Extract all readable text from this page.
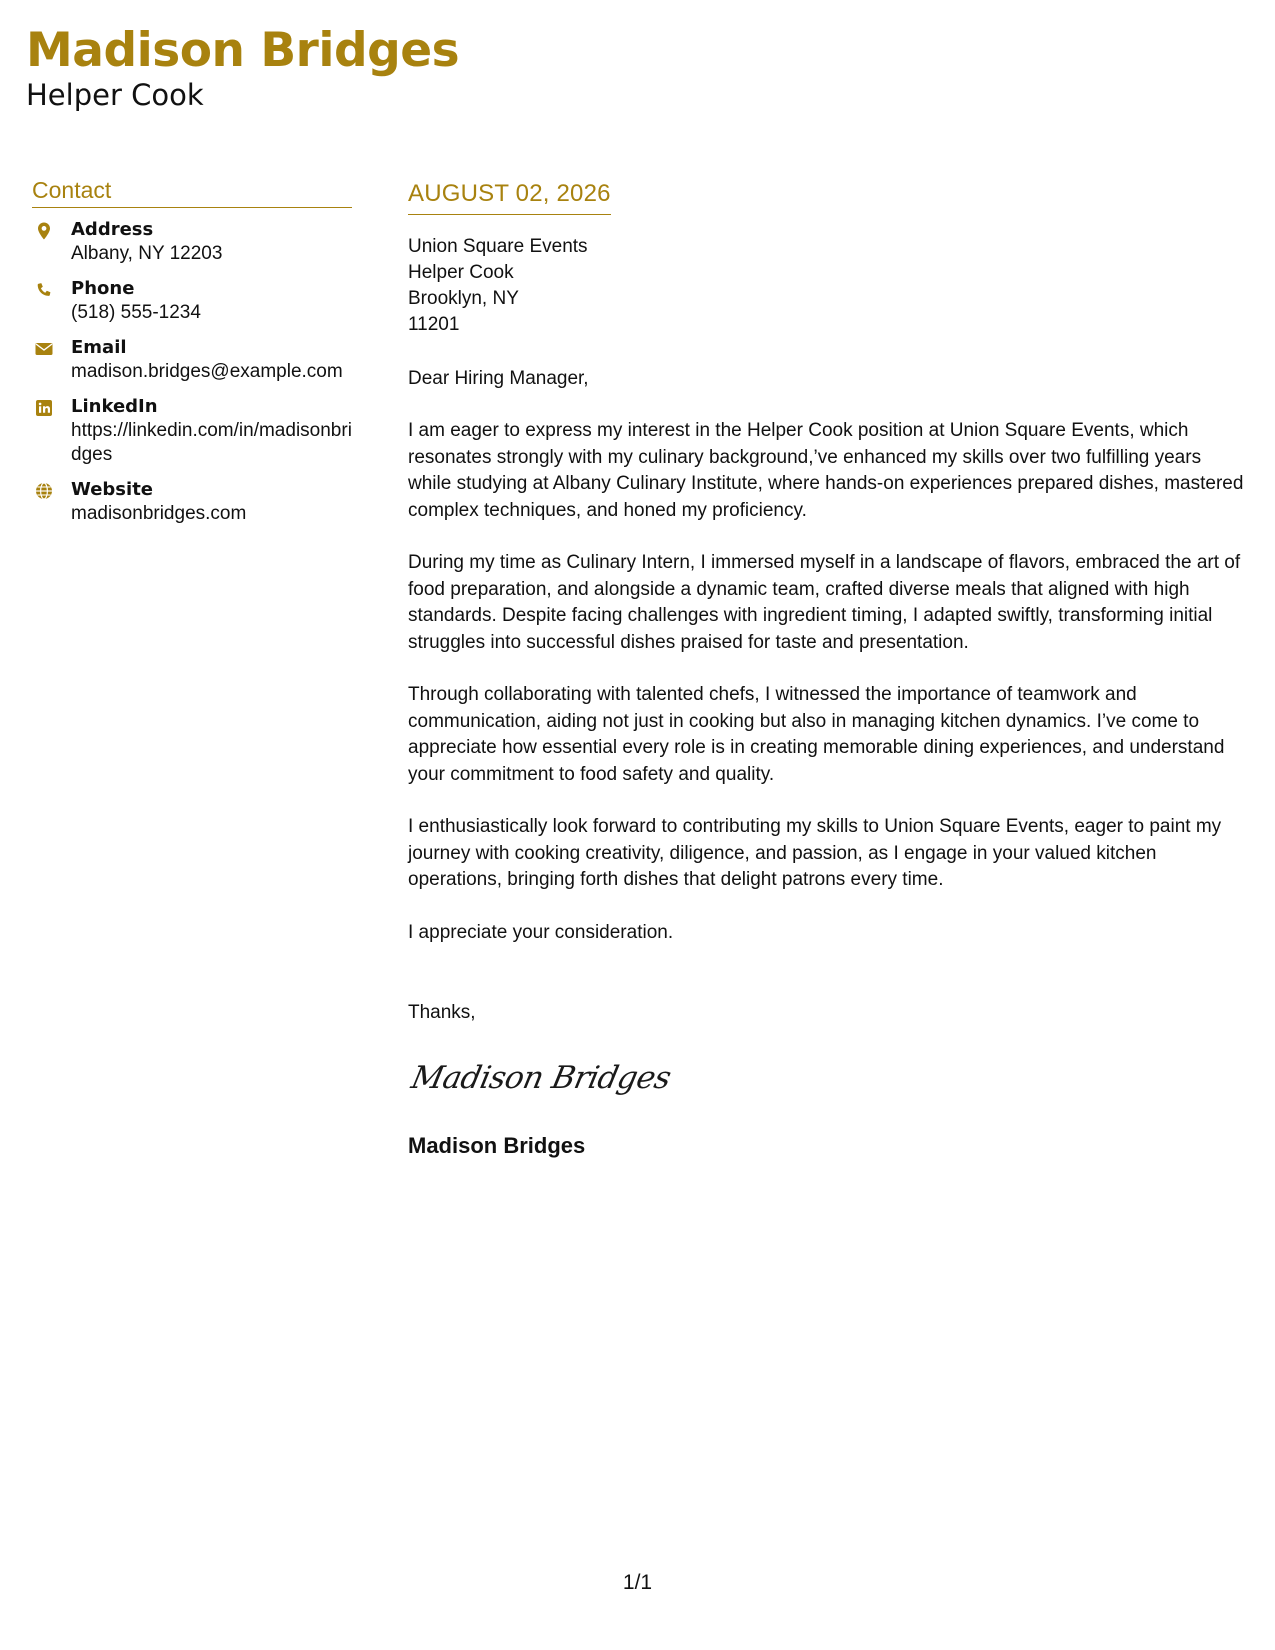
Madison Bridges
Helper Cook
Contact
Address
Albany, NY 12203
Phone
(518) 555-1234
Email
madison.bridges@example.com
LinkedIn
https://linkedin.com/in/madisonbridges
Website
madisonbridges.com
AUGUST 02, 2026
Union Square Events
Helper Cook
Brooklyn, NY
11201
Dear Hiring Manager,

I am eager to express my interest in the Helper Cook position at Union Square Events, which resonates strongly with my culinary background,’ve enhanced my skills over two fulfilling years while studying at Albany Culinary Institute, where hands-on experiences prepared dishes, mastered complex techniques, and honed my proficiency.

During my time as Culinary Intern, I immersed myself in a landscape of flavors, embraced the art of food preparation, and alongside a dynamic team, crafted diverse meals that aligned with high standards. Despite facing challenges with ingredient timing, I adapted swiftly, transforming initial struggles into successful dishes praised for taste and presentation.

Through collaborating with talented chefs, I witnessed the importance of teamwork and communication, aiding not just in cooking but also in managing kitchen dynamics. I’ve come to appreciate how essential every role is in creating memorable dining experiences, and understand your commitment to food safety and quality.

I enthusiastically look forward to contributing my skills to Union Square Events, eager to paint my journey with cooking creativity, diligence, and passion, as I engage in your valued kitchen operations, bringing forth dishes that delight patrons every time.

I appreciate your consideration.

Thanks,
Madison Bridges
Madison Bridges
1/1
